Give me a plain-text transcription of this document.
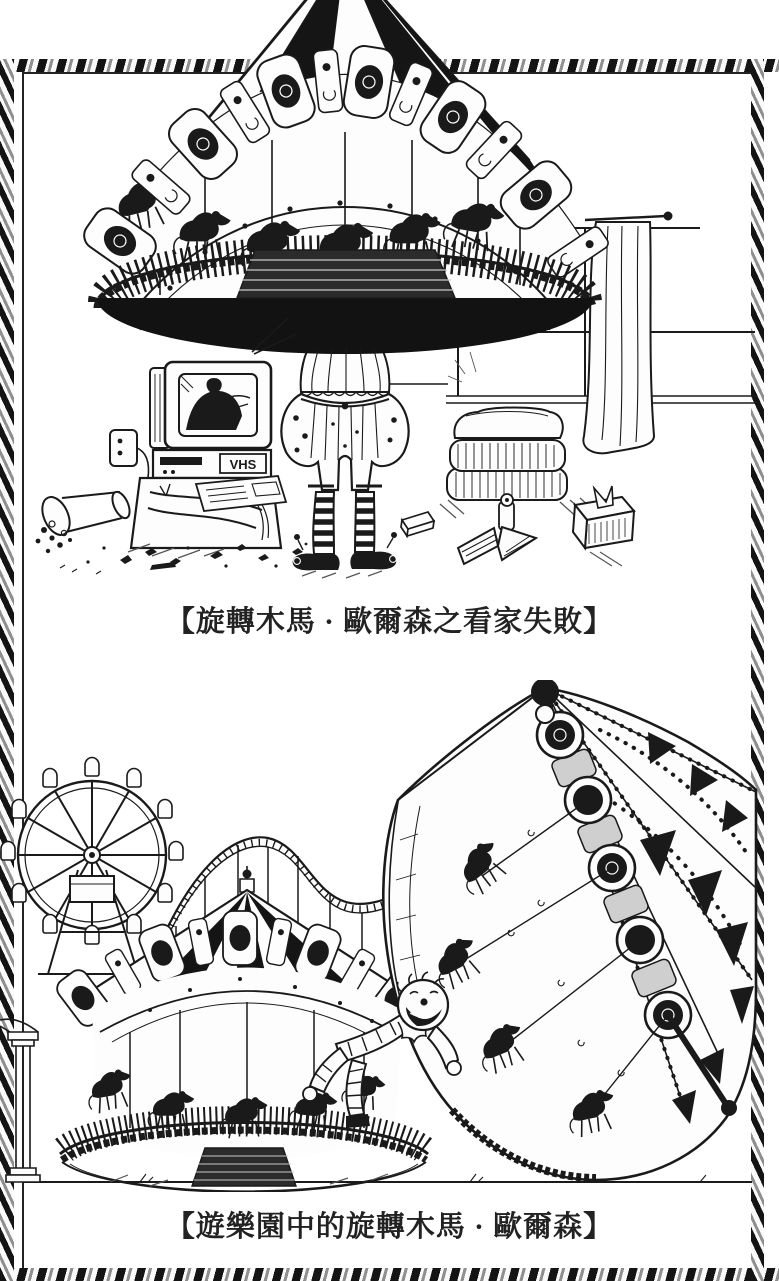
VHS
【旋轉木馬 · 歐爾森之看家失敗】
【遊樂園中的旋轉木馬 · 歐爾森】
